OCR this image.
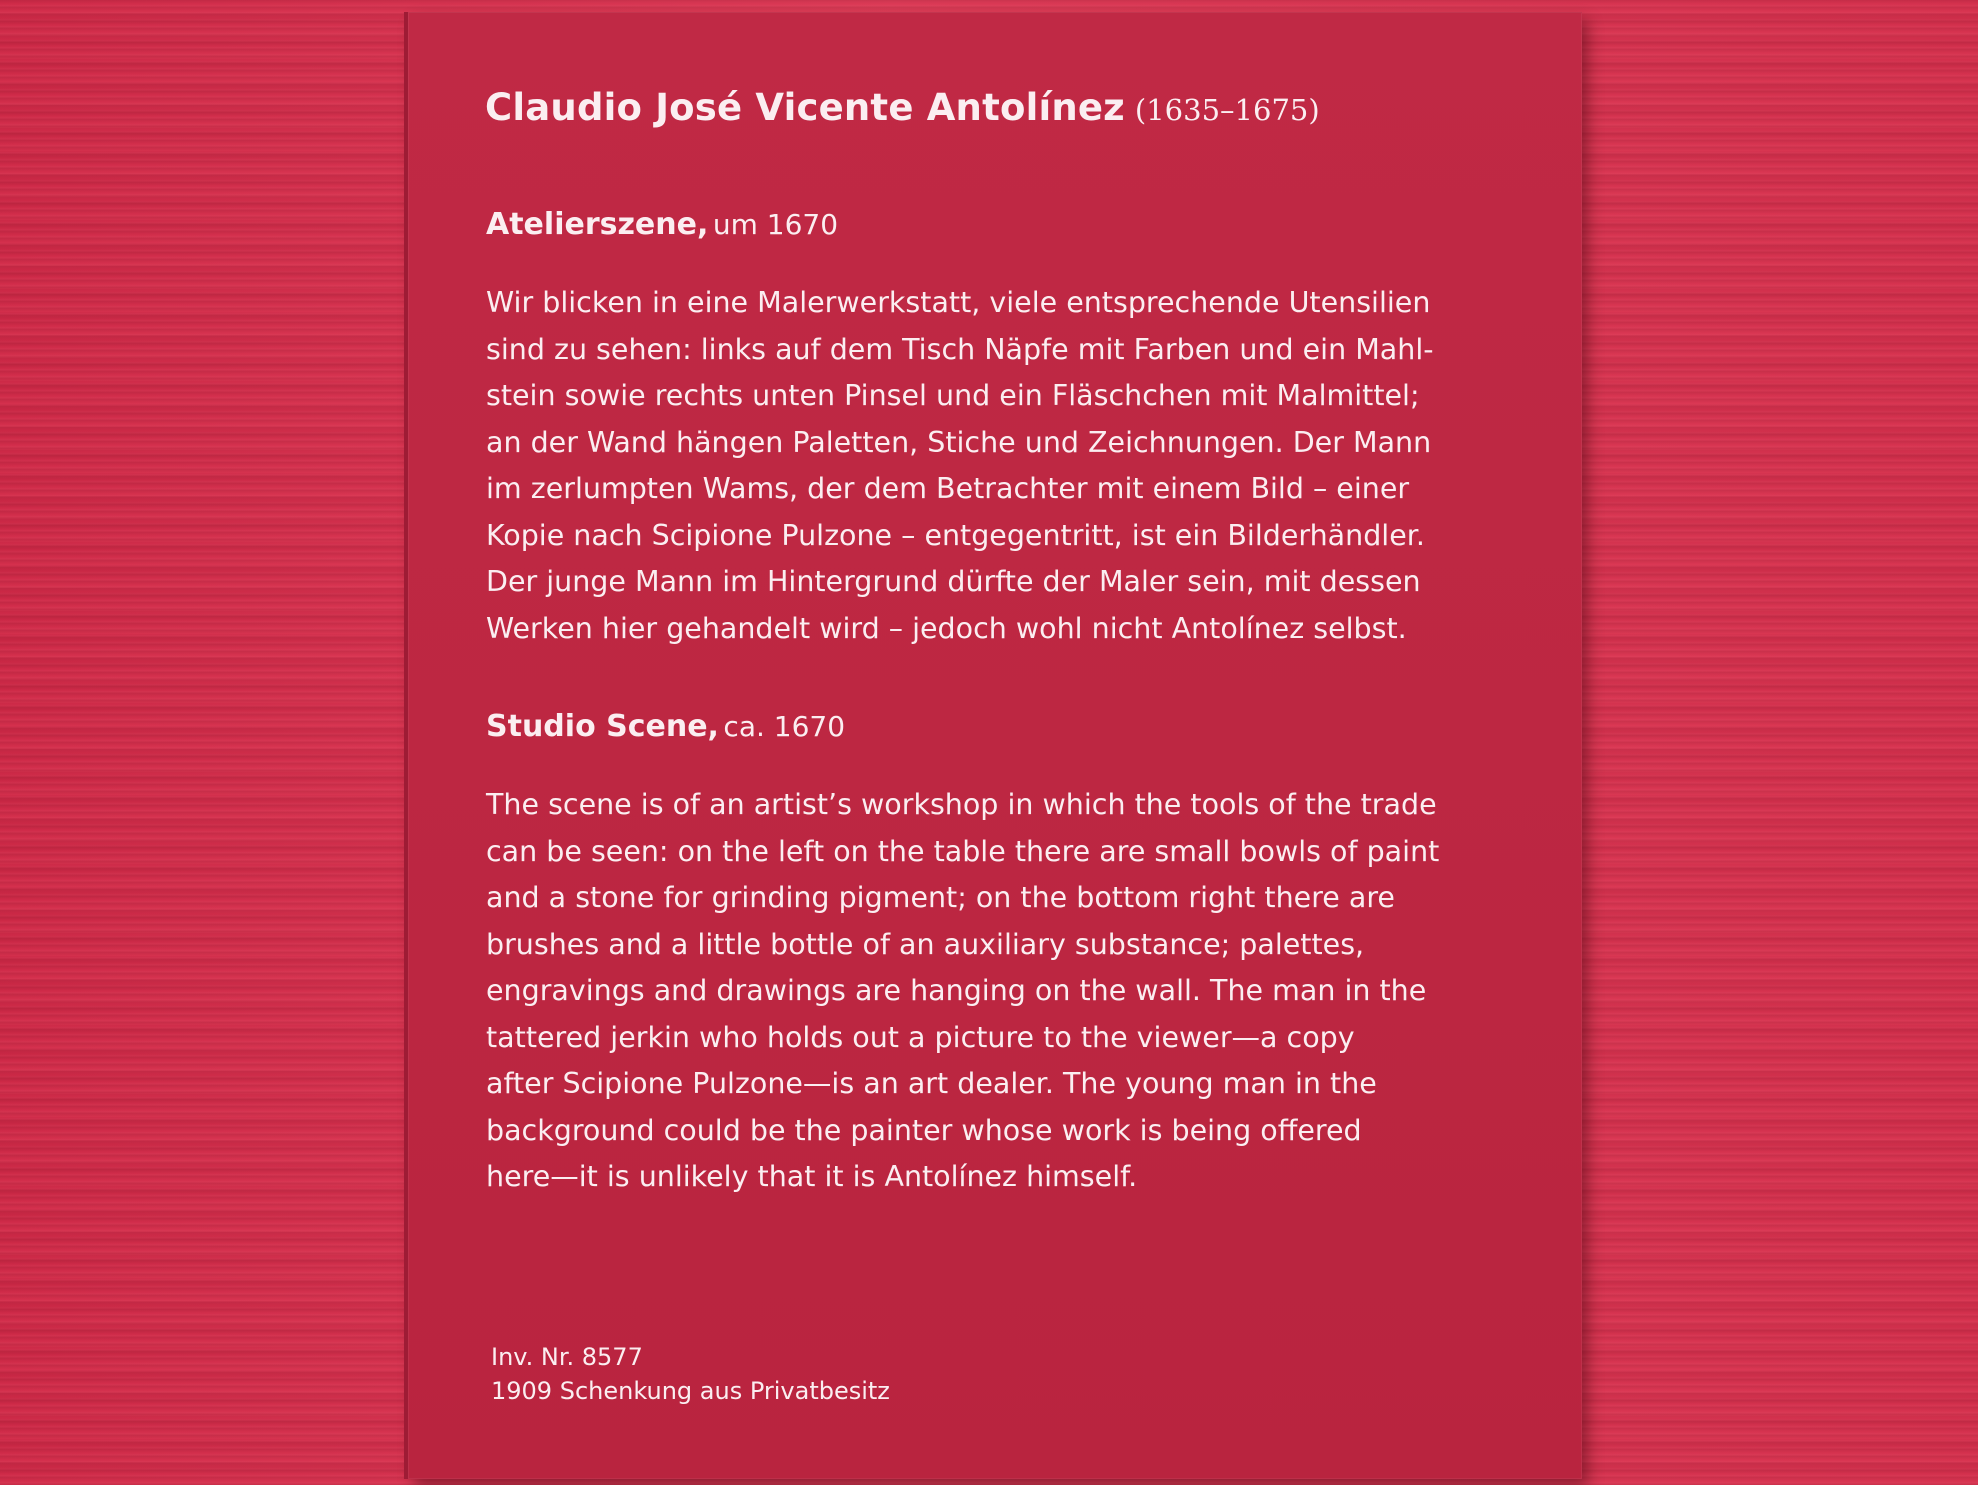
Claudio José Vicente Antolínez (1635–1675)

Atelierszene, um 1670

Wir blicken in eine Malerwerkstatt, viele entsprechende Utensilien
sind zu sehen: links auf dem Tisch Näpfe mit Farben und ein Mahl-
stein sowie rechts unten Pinsel und ein Fläschchen mit Malmittel;
an der Wand hängen Paletten, Stiche und Zeichnungen. Der Mann
im zerlumpten Wams, der dem Betrachter mit einem Bild – einer
Kopie nach Scipione Pulzone – entgegentritt, ist ein Bilderhändler.
Der junge Mann im Hintergrund dürfte der Maler sein, mit dessen
Werken hier gehandelt wird – jedoch wohl nicht Antolínez selbst.

Studio Scene, ca. 1670

The scene is of an artist’s workshop in which the tools of the trade
can be seen: on the left on the table there are small bowls of paint
and a stone for grinding pigment; on the bottom right there are
brushes and a little bottle of an auxiliary substance; palettes,
engravings and drawings are hanging on the wall. The man in the
tattered jerkin who holds out a picture to the viewer—a copy
after Scipione Pulzone—is an art dealer. The young man in the
background could be the painter whose work is being offered
here—it is unlikely that it is Antolínez himself.

Inv. Nr. 8577
1909 Schenkung aus Privatbesitz
